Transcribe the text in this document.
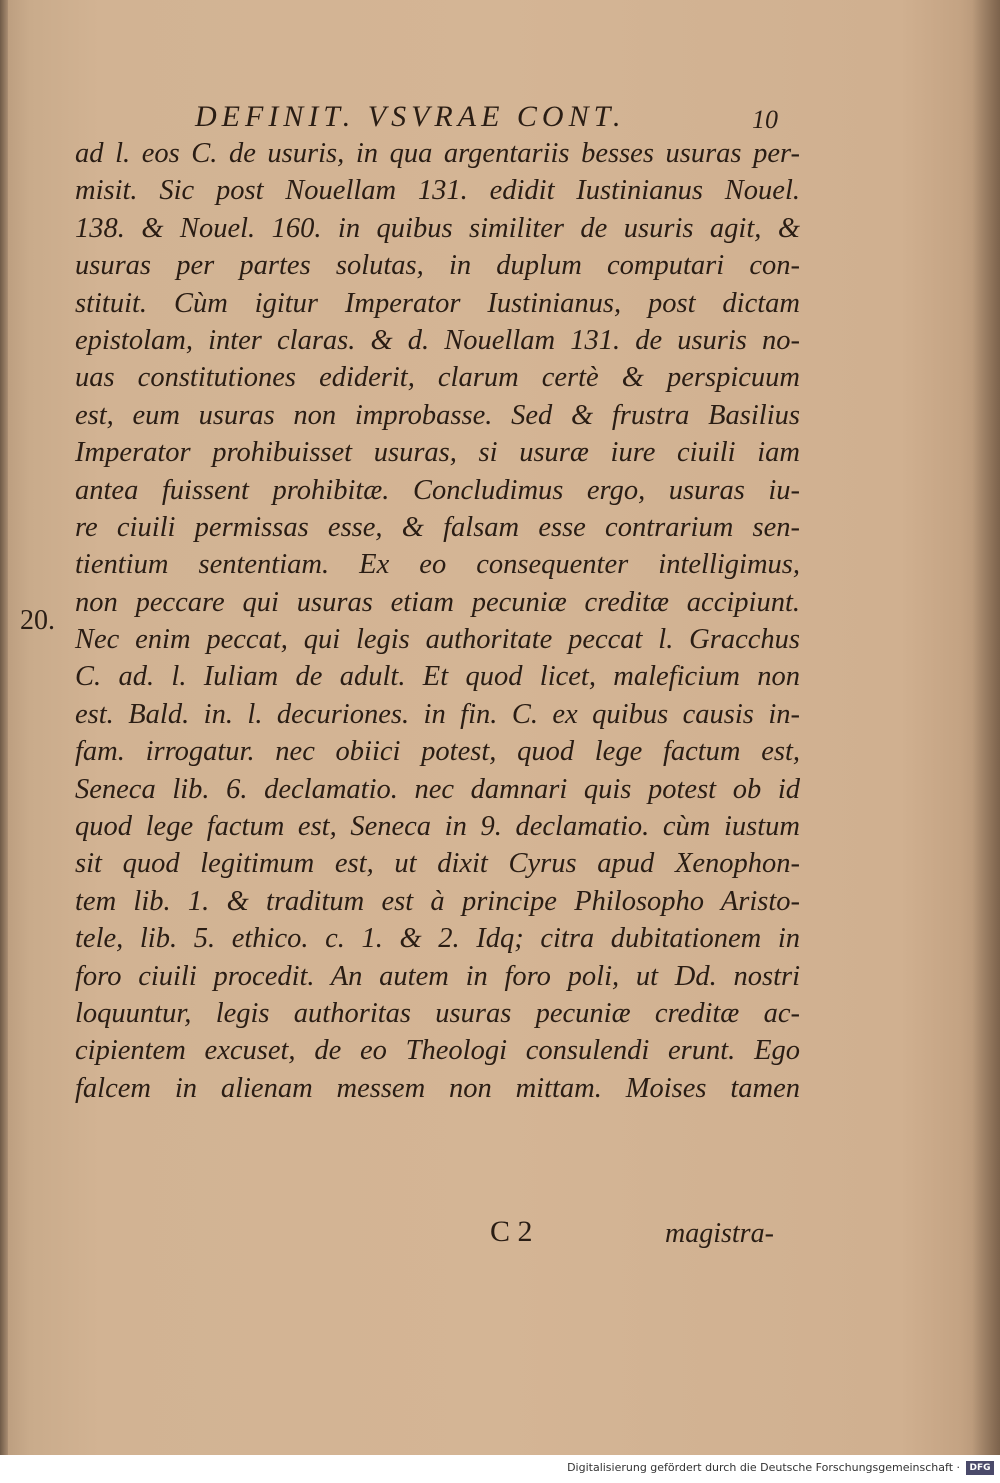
DEFINIT. VSVRAE CONT.	10
20.
ad l. eos C. de usuris, in qua argentariis besses usuras per-
misit. Sic post Nouellam 131. edidit Iustinianus Nouel.
138. & Nouel. 160. in quibus similiter de usuris agit, &
usuras per partes solutas, in duplum computari con-
stituit. Cùm igitur Imperator Iustinianus, post dictam
epistolam, inter claras. & d. Nouellam 131. de usuris no-
uas constitutiones ediderit, clarum certè & perspicuum
est, eum usuras non improbasse. Sed & frustra Basilius
Imperator prohibuisset usuras, si usuræ iure ciuili iam
antea fuissent prohibitæ. Concludimus ergo, usuras iu-
re ciuili permissas esse, & falsam esse contrarium sen-
tientium sententiam. Ex eo consequenter intelligimus,
non peccare qui usuras etiam pecuniæ creditæ accipiunt.
Nec enim peccat, qui legis authoritate peccat l. Gracchus
C. ad. l. Iuliam de adult. Et quod licet, maleficium non
est. Bald. in. l. decuriones. in fin. C. ex quibus causis in-
fam. irrogatur. nec obiici potest, quod lege factum est,
Seneca lib. 6. declamatio. nec damnari quis potest ob id
quod lege factum est, Seneca in 9. declamatio. cùm iustum
sit quod legitimum est, ut dixit Cyrus apud Xenophon-
tem lib. 1. & traditum est à principe Philosopho Aristo-
tele, lib. 5. ethico. c. 1. & 2. Idq; citra dubitationem in
foro ciuili procedit. An autem in foro poli, ut Dd. nostri
loquuntur, legis authoritas usuras pecuniæ creditæ ac-
cipientem excuset, de eo Theologi consulendi erunt. Ego
falcem in alienam messem non mittam. Moises tamen
C 2	magistra-
Digitalisierung gefördert durch die Deutsche Forschungsgemeinschaft ·	DFG
